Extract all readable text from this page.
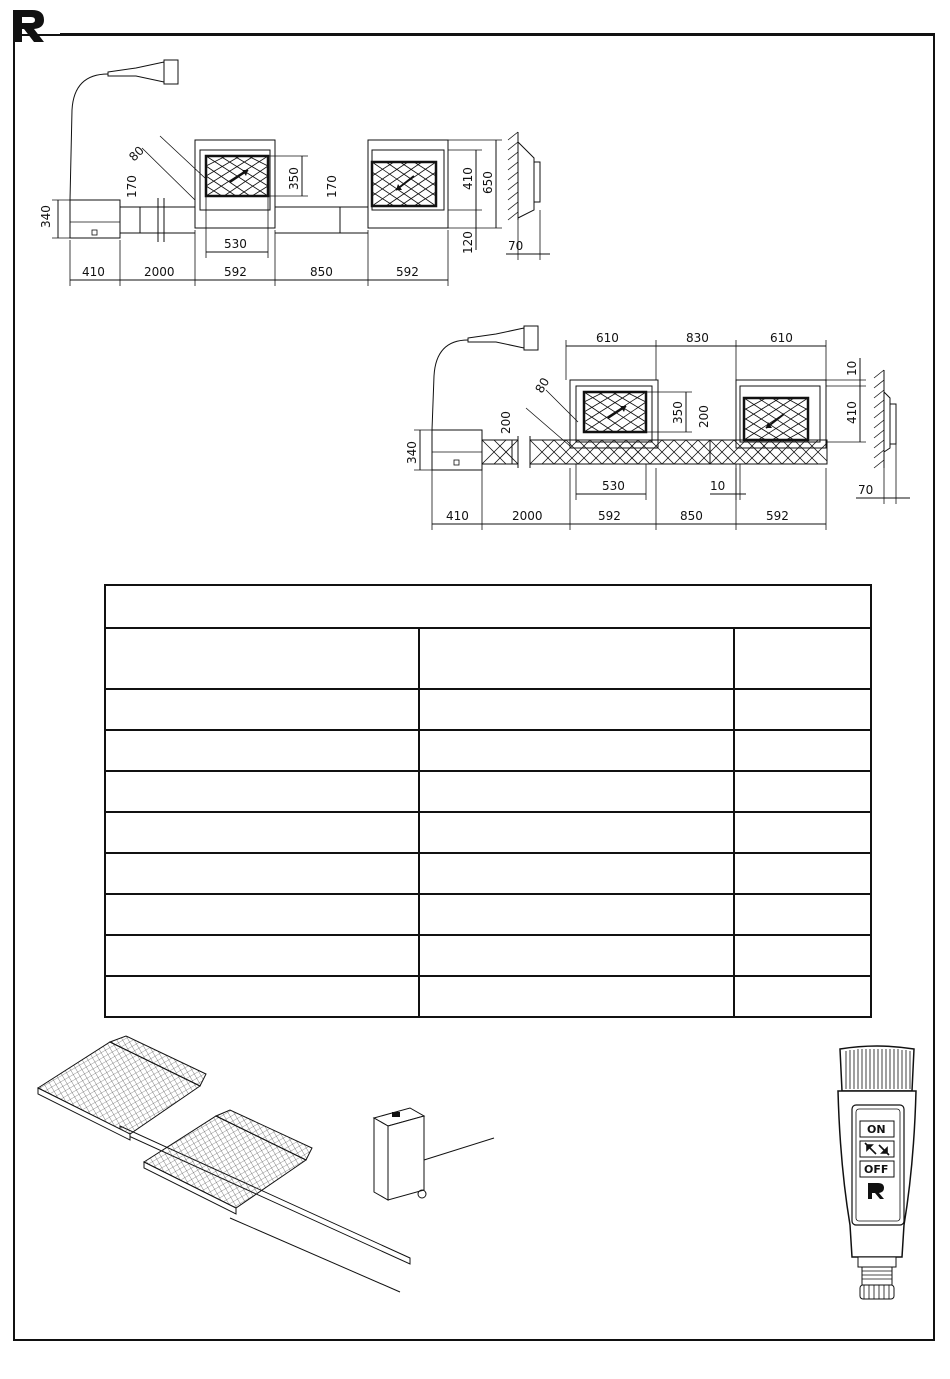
410	2000	592	850	592
530
350
170	170
340
80
410 650
120	70
610	830	610
10
410
340
200	200
350
80
530	10	70
410	2000	592	850	592

ON
OFF
